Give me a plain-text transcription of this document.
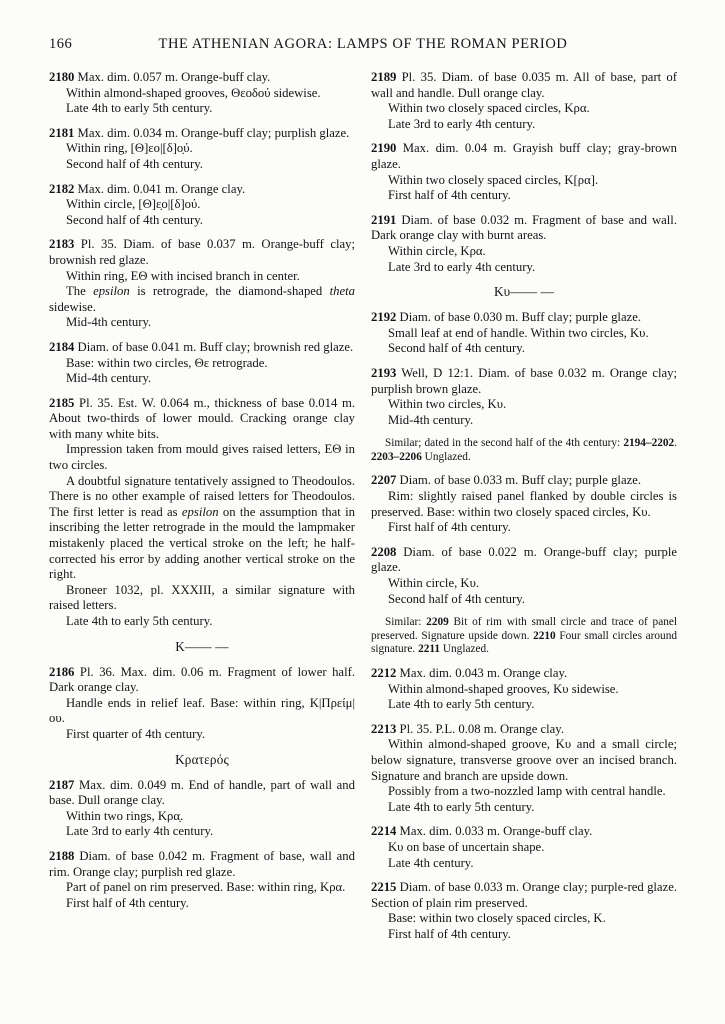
166	THE ATHENIAN AGORA: LAMPS OF THE ROMAN PERIOD

2180 Max. dim. 0.057 m. Orange-buff clay.

Within almond-shaped grooves, Θεοδού sidewise.

Late 4th to early 5th century.

2181 Max. dim. 0.034 m. Orange-buff clay; purplish glaze.

Within ring, [Θ]εο|[δ]ο̣ύ.

Second half of 4th century.

2182 Max. dim. 0.041 m. Orange clay.

Within circle, [Θ]ε̣ο|[δ]ού.

Second half of 4th century.

2183 Pl. 35. Diam. of base 0.037 m. Orange-buff clay; brownish red glaze.

Within ring, ΕΘ with incised branch in center.

The epsilon is retrograde, the diamond-shaped theta sidewise.

Mid-4th century.

2184 Diam. of base 0.041 m. Buff clay; brownish red glaze.

Base: within two circles, Θε retrograde.

Mid-4th century.

2185 Pl. 35. Est. W. 0.064 m., thickness of base 0.014 m. About two-thirds of lower mould. Cracking orange clay with many white bits.

Impression taken from mould gives raised letters, ΕΘ in two circles.

A doubtful signature tentatively assigned to Theodoulos. There is no other example of raised letters for Theodoulos. The first letter is read as epsilon on the assumption that in inscribing the letter retrograde in the mould the lampmaker mistakenly placed the vertical stroke on the left; he half-corrected his error by adding another vertical stroke on the right.

Broneer 1032, pl. XXXIII, a similar signature with raised letters.

Late 4th to early 5th century.

Κ—— —

2186 Pl. 36. Max. dim. 0.06 m. Fragment of lower half. Dark orange clay.

Handle ends in relief leaf. Base: within ring, Κ|Πρείμ|ου.

First quarter of 4th century.

Κρατερός

2187 Max. dim. 0.049 m. End of handle, part of wall and base. Dull orange clay.

Within two rings, Κρα̣.

Late 3rd to early 4th century.

2188 Diam. of base 0.042 m. Fragment of base, wall and rim. Orange clay; purplish red glaze.

Part of panel on rim preserved. Base: within ring, Κρα.

First half of 4th century.

2189 Pl. 35. Diam. of base 0.035 m. All of base, part of wall and handle. Dull orange clay.

Within two closely spaced circles, Κρα.

Late 3rd to early 4th century.

2190 Max. dim. 0.04 m. Grayish buff clay; gray-brown glaze.

Within two closely spaced circles, Κ[ρα].

First half of 4th century.

2191 Diam. of base 0.032 m. Fragment of base and wall. Dark orange clay with burnt areas.

Within circle, Κρα.

Late 3rd to early 4th century.

Κυ—— —

2192 Diam. of base 0.030 m. Buff clay; purple glaze.

Small leaf at end of handle. Within two circles, Κυ.

Second half of 4th century.

2193 Well, D 12:1. Diam. of base 0.032 m. Orange clay; purplish brown glaze.

Within two circles, Κυ.

Mid-4th century.

Similar; dated in the second half of the 4th century: 2194–2202. 2203–2206 Unglazed.

2207 Diam. of base 0.033 m. Buff clay; purple glaze.

Rim: slightly raised panel flanked by double circles is preserved. Base: within two closely spaced circles, Κυ.

First half of 4th century.

2208 Diam. of base 0.022 m. Orange-buff clay; purple glaze.

Within circle, Κυ.

Second half of 4th century.

Similar: 2209 Bit of rim with small circle and trace of panel preserved. Signature upside down. 2210 Four small circles around signature. 2211 Unglazed.

2212 Max. dim. 0.043 m. Orange clay.

Within almond-shaped grooves, Κυ sidewise.

Late 4th to early 5th century.

2213 Pl. 35. P.L. 0.08 m. Orange clay.

Within almond-shaped groove, Κυ and a small circle; below signature, transverse groove over an incised branch. Signature and branch are upside down.

Possibly from a two-nozzled lamp with central handle.

Late 4th to early 5th century.

2214 Max. dim. 0.033 m. Orange-buff clay.

Κυ on base of uncertain shape.

Late 4th century.

2215 Diam. of base 0.033 m. Orange clay; purple-red glaze. Section of plain rim preserved.

Base: within two closely spaced circles, Κ.

First half of 4th century.
